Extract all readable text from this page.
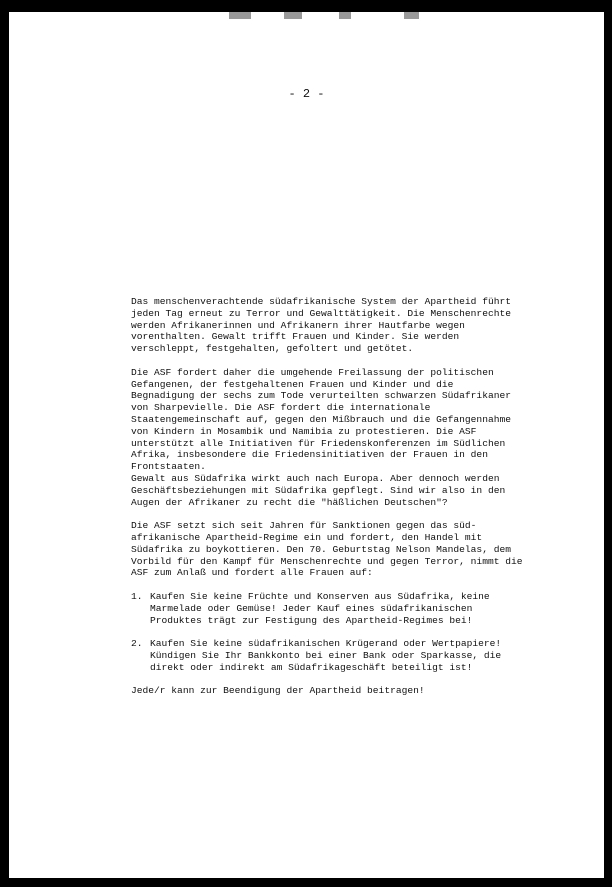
- 2 -
Das menschenverachtende südafrikanische System der Apartheid führt
jeden Tag erneut zu Terror und Gewalttätigkeit. Die Menschenrechte
werden Afrikanerinnen und Afrikanern ihrer Hautfarbe wegen
vorenthalten. Gewalt trifft Frauen und Kinder. Sie werden
verschleppt, festgehalten, gefoltert und getötet.
Die ASF fordert daher die umgehende Freilassung der politischen
Gefangenen, der festgehaltenen Frauen und Kinder und die
Begnadigung der sechs zum Tode verurteilten schwarzen Südafrikaner
von Sharpevielle. Die ASF fordert die internationale
Staatengemeinschaft auf, gegen den Mißbrauch und die Gefangennahme
von Kindern in Mosambik und Namibia zu protestieren. Die ASF
unterstützt alle Initiativen für Friedenskonferenzen im Südlichen
Afrika, insbesondere die Friedensinitiativen der Frauen in den
Frontstaaten.
Gewalt aus Südafrika wirkt auch nach Europa. Aber dennoch werden
Geschäftsbeziehungen mit Südafrika gepflegt. Sind wir also in den
Augen der Afrikaner zu recht die "häßlichen Deutschen"?
Die ASF setzt sich seit Jahren für Sanktionen gegen das süd-
afrikanische Apartheid-Regime ein und fordert, den Handel mit
Südafrika zu boykottieren. Den 70. Geburtstag Nelson Mandelas, dem
Vorbild für den Kampf für Menschenrechte und gegen Terror, nimmt die
ASF zum Anlaß und fordert alle Frauen auf:
1. Kaufen Sie keine Früchte und Konserven aus Südafrika, keine
Marmelade oder Gemüse! Jeder Kauf eines südafrikanischen
Produktes trägt zur Festigung des Apartheid-Regimes bei!
2. Kaufen Sie keine südafrikanischen Krügerand oder Wertpapiere!
Kündigen Sie Ihr Bankkonto bei einer Bank oder Sparkasse, die
direkt oder indirekt am Südafrikageschäft beteiligt ist!
Jede/r kann zur Beendigung der Apartheid beitragen!
